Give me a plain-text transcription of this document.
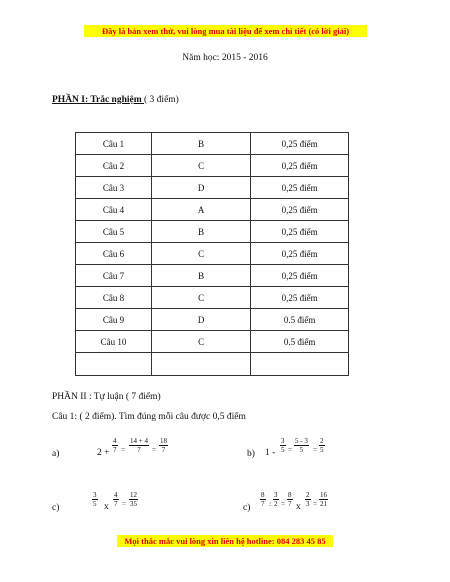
Đây là bản xem thử, vui lòng mua tài liệu để xem chi tiết (có lời giải)
Năm học: 2015 - 2016
PHẦN I: Trắc nghiệm ( 3 điểm)
Câu 1	B	0,25 điểm
Câu 2	C	0,25 điểm
Câu 3	D	0,25 điểm
Câu 4	A	0,25 điểm
Câu 5	B	0,25 điểm
Câu 6	C	0,25 điểm
Câu 7	B	0,25 điểm
Câu 8	C	0,25 điểm
Câu 9	D	0.5 điểm
Câu 10	C	0.5 điểm

PHẦN II : Tự luận ( 7 điểm)
Câu 1: ( 2 điểm). Tìm đúng mỗi câu được 0,5 điểm
a)	$2 + \frac{4}{7} = \frac{14 + 4}{7} = \frac{18}{7}$	b) $1 - \frac{3}{5} = \frac{5 - 3}{5} = \frac{2}{5}$
c)	$\frac{3}{5}$ x $\frac{4}{7} = \frac{12}{35}$	$c) \frac{8}{7}$ : $\frac{3}{2} = \frac{8}{7}$ x $\frac{2}{3} = \frac{16}{21}$
Mọi thắc mắc vui lòng xin liên hệ hotline: 084 283 45 85
